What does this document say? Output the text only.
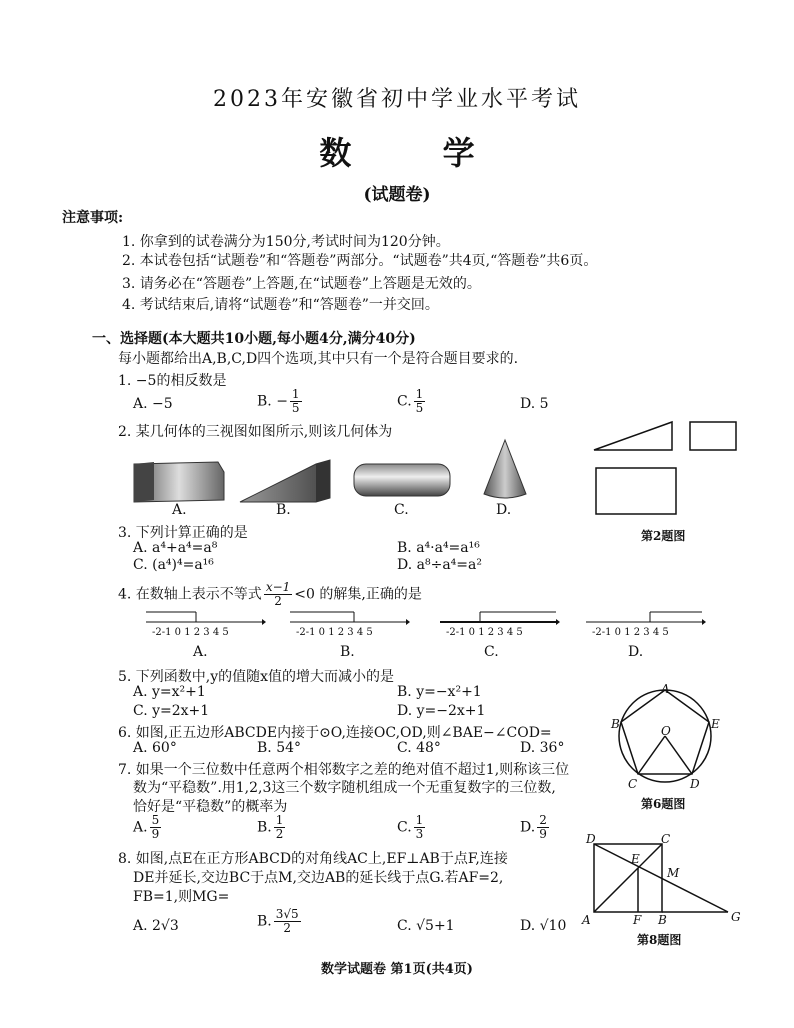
2023年安徽省初中学业水平考试
数 学
(试题卷)
注意事项:
1. 你拿到的试卷满分为150分,考试时间为120分钟。
2. 本试卷包括“试题卷”和“答题卷”两部分。“试题卷”共4页,“答题卷”共6页。
3. 请务必在“答题卷”上答题,在“试题卷”上答题是无效的。
4. 考试结束后,请将“试题卷”和“答题卷”一并交回。
一、选择题(本大题共10小题,每小题4分,满分40分)
每小题都给出A,B,C,D四个选项,其中只有一个是符合题目要求的.
1. −5的相反数是
A. −5	B. − $\frac{1}{5}$	C. $\frac{1}{5}$	D. 5
2. 某几何体的三视图如图所示,则该几何体为
A.	B.	C.	D.
第2题图
3. 下列计算正确的是
A. a⁴+a⁴=a⁸	B. a⁴·a⁴=a¹⁶
C. (a⁴)⁴=a¹⁶	D. a⁸÷a⁴=a²
4. 在数轴上表示不等式 $\frac{x-1}{2} <0$ 的解集,正确的是
-2-1 0 1 2 3 4 5	-2-1 0 1 2 3 4 5	-2-1 0 1 2 3 4 5	-2-1 0 1 2 3 4 5
A.	B.	C.	D.
5. 下列函数中,y的值随x值的增大而减小的是
A. y=x²+1	B. y=−x²+1
C. y=2x+1	D. y=−2x+1
6. 如图,正五边形ABCDE内接于⊙O,连接OC,OD,则∠BAE−∠COD=
A. 60°	B. 54°	C. 48°	D. 36°
A
B
C	D
E
O
第6题图
7. 如果一个三位数中任意两个相邻数字之差的绝对值不超过1,则称该三位
数为“平稳数”.用1,2,3这三个数字随机组成一个无重复数字的三位数,
恰好是“平稳数”的概率为
A. $\frac{5}{9}$	B. $\frac{1}{2}$	C. $\frac{1}{3}$	D. $\frac{2}{9}$
8. 如图,点E在正方形ABCD的对角线AC上,EF⊥AB于点F,连接
DE并延长,交边BC于点M,交边AB的延长线于点G.若AF=2,
FB=1,则MG=
A. 2√3	B. $\frac{3√5}{2}$	C. √5+1	D. √10
D	C
E
M
A	F B	G
第8题图
数学试题卷 第1页(共4页)
